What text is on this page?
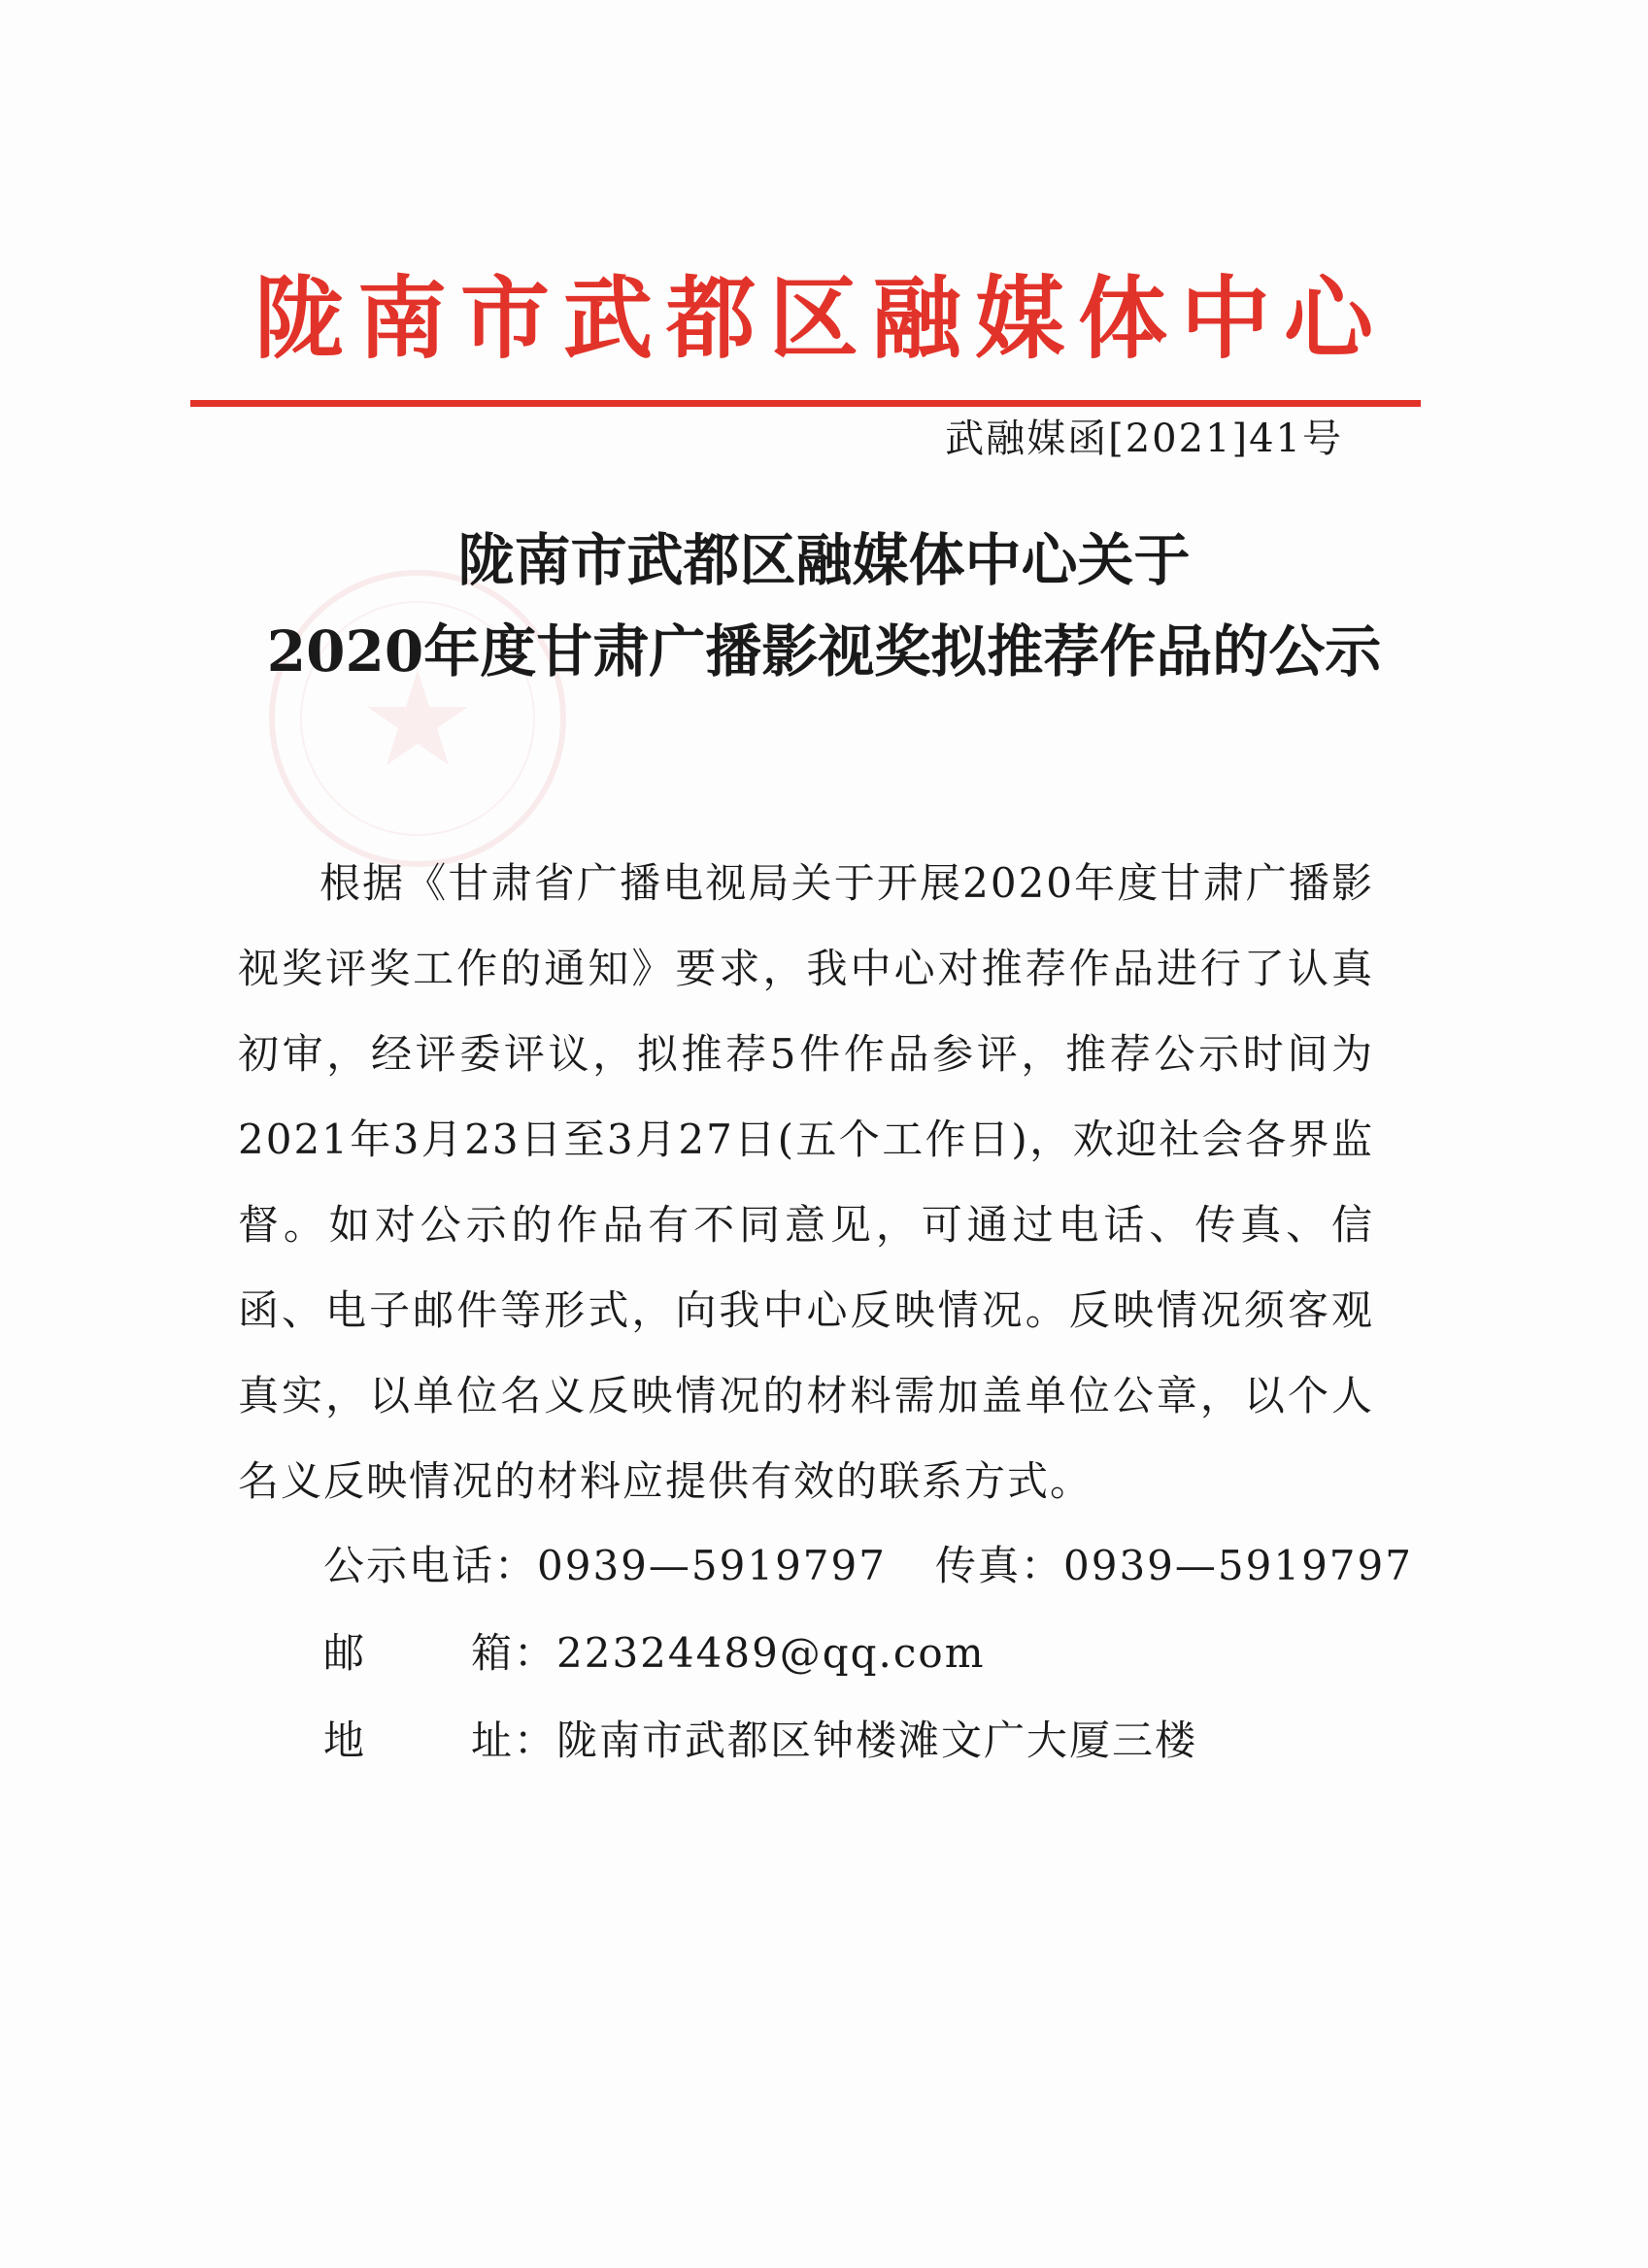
陇南市武都区融媒体中心
武融媒函[2021]41号
陇南市武都区融媒体中心关于
2020年度甘肃广播影视奖拟推荐作品的公示

根据《甘肃省广播电视局关于开展2020年度甘肃广播影视奖评奖工作的通知》要求，我中心对推荐作品进行了认真初审，经评委评议，拟推荐5件作品参评，推荐公示时间为2021年3月23日至3月27日(五个工作日)，欢迎社会各界监督。如对公示的作品有不同意见，可通过电话、传真、信函、电子邮件等形式，向我中心反映情况。反映情况须客观真实，以单位名义反映情况的材料需加盖单位公章，以个人名义反映情况的材料应提供有效的联系方式。

公示电话：0939—5919797 传真：0939—5919797
邮	箱：22324489@qq.com
地	址：陇南市武都区钟楼滩文广大厦三楼
